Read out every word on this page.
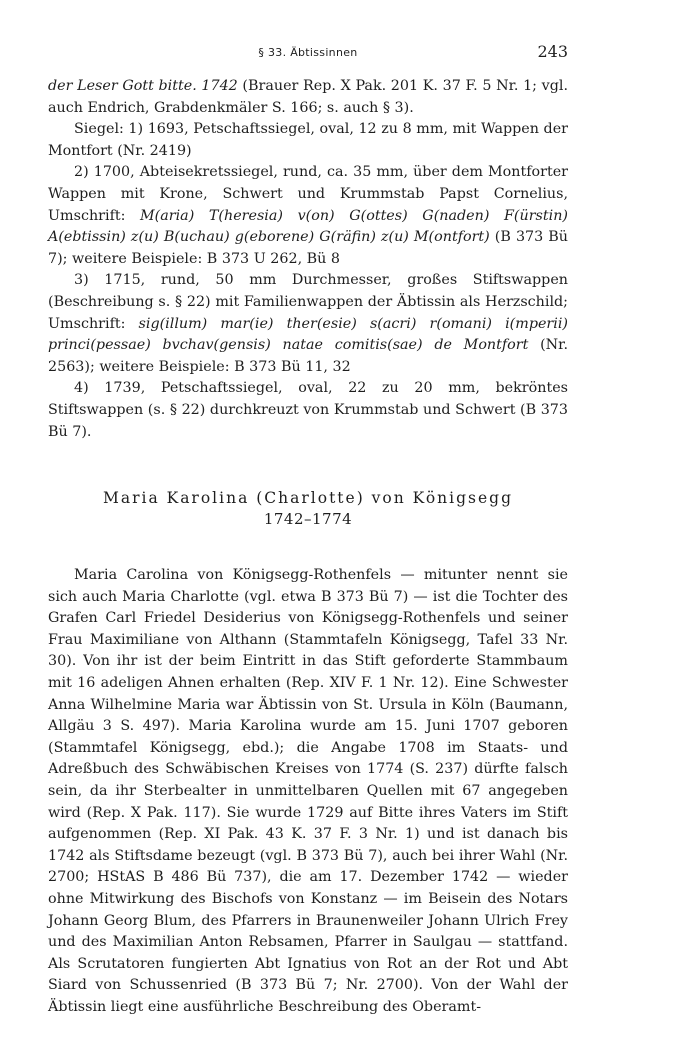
§ 33. Äbtissinnen	243

der Leser Gott bitte. 1742 (Brauer Rep. X Pak. 201 K. 37 F. 5 Nr. 1; vgl. auch Endrich, Grabdenkmäler S. 166; s. auch § 3).

Siegel: 1) 1693, Petschaftssiegel, oval, 12 zu 8 mm, mit Wappen der Montfort (Nr. 2419)

2) 1700, Abteisekretssiegel, rund, ca. 35 mm, über dem Montforter Wappen mit Krone, Schwert und Krummstab Papst Cornelius, Umschrift: M(aria) T(heresia) v(on) G(ottes) G(naden) F(ürstin) A(ebtissin) z(u) B(uchau) g(eborene) G(räfin) z(u) M(ontfort) (B 373 Bü 7); weitere Beispiele: B 373 U 262, Bü 8

3) 1715, rund, 50 mm Durchmesser, großes Stiftswappen (Beschreibung s. § 22) mit Familienwappen der Äbtissin als Herzschild; Umschrift: sig(illum) mar(ie) ther(esie) s(acri) r(omani) i(mperii) princi(pessae) bvchav(gensis) natae comitis(sae) de Montfort (Nr. 2563); weitere Beispiele: B 373 Bü 11, 32

4) 1739, Petschaftssiegel, oval, 22 zu 20 mm, bekröntes Stiftswappen (s. § 22) durchkreuzt von Krummstab und Schwert (B 373 Bü 7).

Maria Karolina (Charlotte) von Königsegg
1742–1774

Maria Carolina von Königsegg-Rothenfels — mitunter nennt sie sich auch Maria Charlotte (vgl. etwa B 373 Bü 7) — ist die Tochter des Grafen Carl Friedel Desiderius von Königsegg-Rothenfels und seiner Frau Maximiliane von Althann (Stammtafeln Königsegg, Tafel 33 Nr. 30). Von ihr ist der beim Eintritt in das Stift geforderte Stammbaum mit 16 adeligen Ahnen erhalten (Rep. XIV F. 1 Nr. 12). Eine Schwester Anna Wilhelmine Maria war Äbtissin von St. Ursula in Köln (Baumann, Allgäu 3 S. 497). Maria Karolina wurde am 15. Juni 1707 geboren (Stammtafel Königsegg, ebd.); die Angabe 1708 im Staats- und Adreßbuch des Schwäbischen Kreises von 1774 (S. 237) dürfte falsch sein, da ihr Sterbealter in unmittelbaren Quellen mit 67 angegeben wird (Rep. X Pak. 117). Sie wurde 1729 auf Bitte ihres Vaters im Stift aufgenommen (Rep. XI Pak. 43 K. 37 F. 3 Nr. 1) und ist danach bis 1742 als Stiftsdame bezeugt (vgl. B 373 Bü 7), auch bei ihrer Wahl (Nr. 2700; HStAS B 486 Bü 737), die am 17. Dezember 1742 — wieder ohne Mitwirkung des Bischofs von Konstanz — im Beisein des Notars Johann Georg Blum, des Pfarrers in Braunenweiler Johann Ulrich Frey und des Maximilian Anton Rebsamen, Pfarrer in Saulgau — stattfand. Als Scrutatoren fungierten Abt Ignatius von Rot an der Rot und Abt Siard von Schussenried (B 373 Bü 7; Nr. 2700). Von der Wahl der Äbtissin liegt eine ausführliche Beschreibung des Oberamt-
